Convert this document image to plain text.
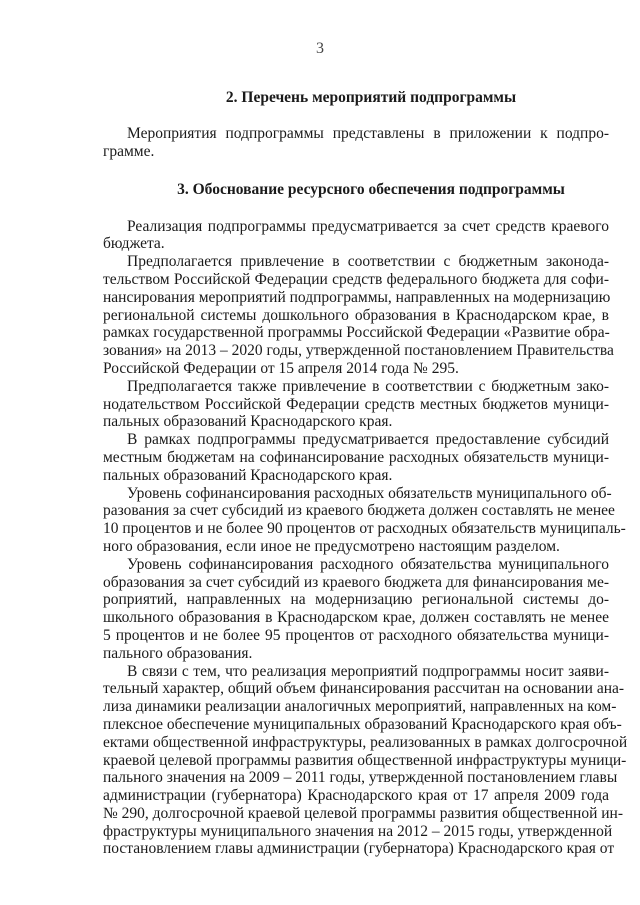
3
2. Перечень мероприятий подпрограммы
Мероприятия подпрограммы представлены в приложении к подпро-
грамме.
3. Обоснование ресурсного обеспечения подпрограммы
Реализация подпрограммы предусматривается за счет средств краевого
бюджета.
Предполагается привлечение в соответствии с бюджетным законода-
тельством Российской Федерации средств федерального бюджета для софи-
нансирования мероприятий подпрограммы, направленных на модернизацию
региональной системы дошкольного образования в Краснодарском крае, в
рамках государственной программы Российской Федерации «Развитие обра-
зования» на 2013 – 2020 годы, утвержденной постановлением Правительства
Российской Федерации от 15 апреля 2014 года № 295.
Предполагается также привлечение в соответствии с бюджетным зако-
нодательством Российской Федерации средств местных бюджетов муници-
пальных образований Краснодарского края.
В рамках подпрограммы предусматривается предоставление субсидий
местным бюджетам на софинансирование расходных обязательств муници-
пальных образований Краснодарского края.
Уровень софинансирования расходных обязательств муниципального об-
разования за счет субсидий из краевого бюджета должен составлять не менее
10 процентов и не более 90 процентов от расходных обязательств муниципаль-
ного образования, если иное не предусмотрено настоящим разделом.
Уровень софинансирования расходного обязательства муниципального
образования за счет субсидий из краевого бюджета для финансирования ме-
роприятий, направленных на модернизацию региональной системы до-
школьного образования в Краснодарском крае, должен составлять не менее
5 процентов и не более 95 процентов от расходного обязательства муници-
пального образования.
В связи с тем, что реализация мероприятий подпрограммы носит заяви-
тельный характер, общий объем финансирования рассчитан на основании ана-
лиза динамики реализации аналогичных мероприятий, направленных на ком-
плексное обеспечение муниципальных образований Краснодарского края объ-
ектами общественной инфраструктуры, реализованных в рамках долгосрочной
краевой целевой программы развития общественной инфраструктуры муници-
пального значения на 2009 – 2011 годы, утвержденной постановлением главы
администрации (губернатора) Краснодарского края от 17 апреля 2009 года
№ 290, долгосрочной краевой целевой программы развития общественной ин-
фраструктуры муниципального значения на 2012 – 2015 годы, утвержденной
постановлением главы администрации (губернатора) Краснодарского края от
